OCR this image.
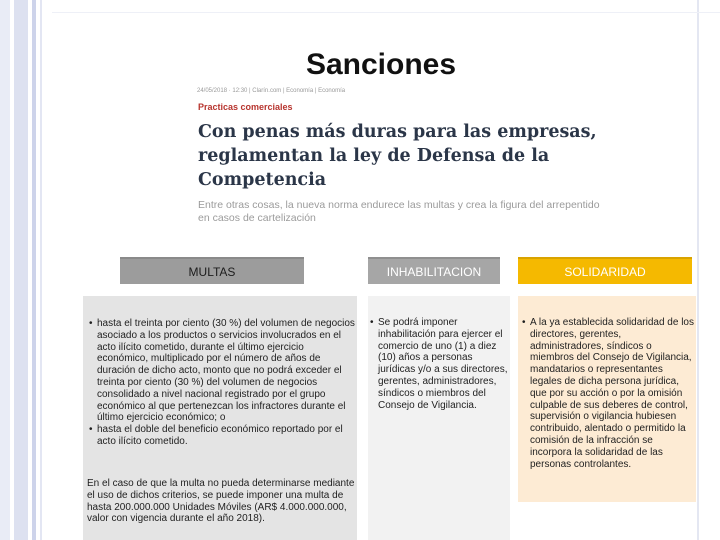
Sanciones
24/05/2018 · 12:30 | Clarín.com | Economía | Economía
Practicas comerciales
Con penas más duras para las empresas, reglamentan la ley de Defensa de la Competencia
Entre otras cosas, la nueva norma endurece las multas y crea la figura del arrepentido en casos de cartelización
MULTAS	INHABILITACION	SOLIDARIDAD
• hasta el treinta por ciento (30 %) del volumen de negocios asociado a los productos o servicios involucrados en el acto ilícito cometido, durante el último ejercicio económico, multiplicado por el número de años de duración de dicho acto, monto que no podrá exceder el treinta por ciento (30 %) del volumen de negocios consolidado a nivel nacional registrado por el grupo económico al que pertenezcan los infractores durante el último ejercicio económico; o
• hasta el doble del beneficio económico reportado por el acto ilícito cometido.

En el caso de que la multa no pueda determinarse mediante el uso de dichos criterios, se puede imponer una multa de hasta 200.000.000 Unidades Móviles (AR$ 4.000.000.000, valor con vigencia durante el año 2018).

• Se podrá imponer inhabilitación para ejercer el comercio de uno (1) a diez (10) años a personas jurídicas y/o a sus directores, gerentes, administradores, síndicos o miembros del Consejo de Vigilancia.
• A la ya establecida solidaridad de los directores, gerentes, administradores, síndicos o miembros del Consejo de Vigilancia, mandatarios o representantes legales de dicha persona jurídica, que por su acción o por la omisión culpable de sus deberes de control, supervisión o vigilancia hubiesen contribuido, alentado o permitido la comisión de la infracción se incorpora la solidaridad de las personas controlantes.
